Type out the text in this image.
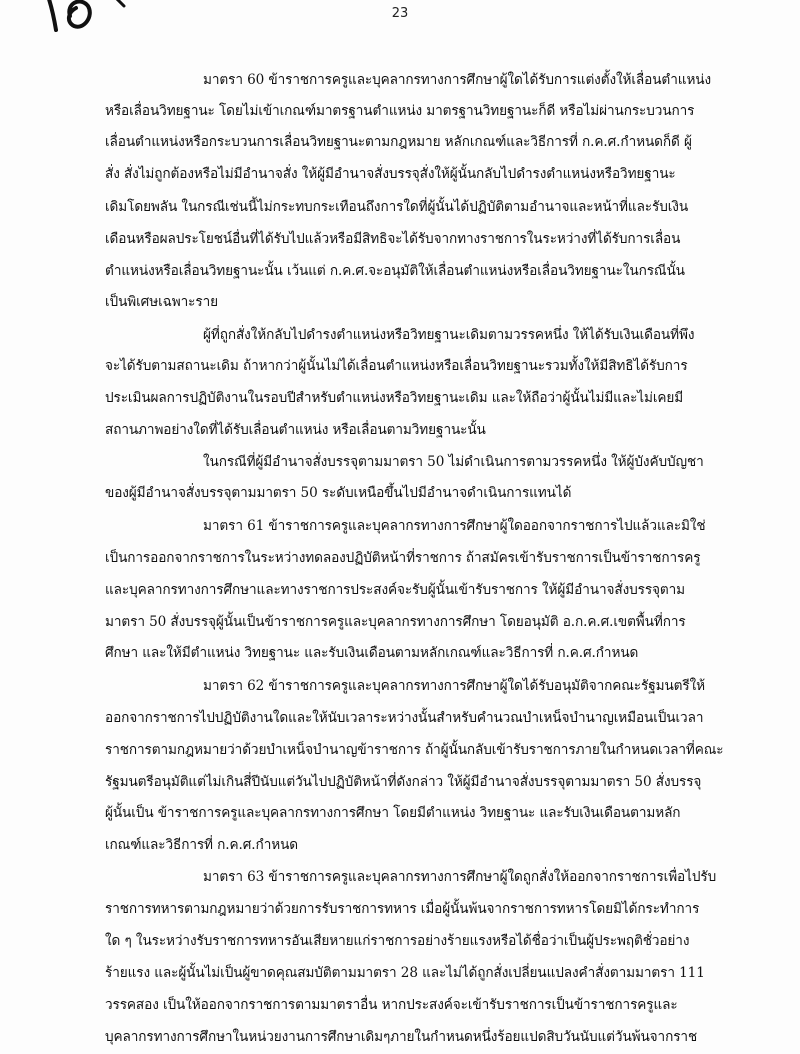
23
มาตรา 60 ข้าราชการครูและบุคลากรทางการศึกษาผู้ใดได้รับการแต่งตั้งให้เลื่อนตำแหน่ง
หรือเลื่อนวิทยฐานะ โดยไม่เข้าเกณฑ์มาตรฐานตำแหน่ง มาตรฐานวิทยฐานะก็ดี หรือไม่ผ่านกระบวนการ
เลื่อนตำแหน่งหรือกระบวนการเลื่อนวิทยฐานะตามกฎหมาย หลักเกณฑ์และวิธีการที่ ก.ค.ศ.กำหนดก็ดี ผู้
สั่ง สั่งไม่ถูกต้องหรือไม่มีอำนาจสั่ง ให้ผู้มีอำนาจสั่งบรรจุสั่งให้ผู้นั้นกลับไปดำรงตำแหน่งหรือวิทยฐานะ
เดิมโดยพลัน ในกรณีเช่นนี้ไม่กระทบกระเทือนถึงการใดที่ผู้นั้นได้ปฏิบัติตามอำนาจและหน้าที่และรับเงิน
เดือนหรือผลประโยชน์อื่นที่ได้รับไปแล้วหรือมีสิทธิจะได้รับจากทางราชการในระหว่างที่ได้รับการเลื่อน
ตำแหน่งหรือเลื่อนวิทยฐานะนั้น เว้นแต่ ก.ค.ศ.จะอนุมัติให้เลื่อนตำแหน่งหรือเลื่อนวิทยฐานะในกรณีนั้น
เป็นพิเศษเฉพาะราย
ผู้ที่ถูกสั่งให้กลับไปดำรงตำแหน่งหรือวิทยฐานะเดิมตามวรรคหนึ่ง ให้ได้รับเงินเดือนที่พึง
จะได้รับตามสถานะเดิม ถ้าหากว่าผู้นั้นไม่ได้เลื่อนตำแหน่งหรือเลื่อนวิทยฐานะรวมทั้งให้มีสิทธิได้รับการ
ประเมินผลการปฏิบัติงานในรอบปีสำหรับตำแหน่งหรือวิทยฐานะเดิม และให้ถือว่าผู้นั้นไม่มีและไม่เคยมี
สถานภาพอย่างใดที่ได้รับเลื่อนตำแหน่ง หรือเลื่อนตามวิทยฐานะนั้น
ในกรณีที่ผู้มีอำนาจสั่งบรรจุตามมาตรา 50 ไม่ดำเนินการตามวรรคหนึ่ง ให้ผู้บังคับบัญชา
ของผู้มีอำนาจสั่งบรรจุตามมาตรา 50 ระดับเหนือขึ้นไปมีอำนาจดำเนินการแทนได้
มาตรา 61 ข้าราชการครูและบุคลากรทางการศึกษาผู้ใดออกจากราชการไปแล้วและมิใช่
เป็นการออกจากราชการในระหว่างทดลองปฏิบัติหน้าที่ราชการ ถ้าสมัครเข้ารับราชการเป็นข้าราชการครู
และบุคลากรทางการศึกษาและทางราชการประสงค์จะรับผู้นั้นเข้ารับราชการ ให้ผู้มีอำนาจสั่งบรรจุตาม
มาตรา 50 สั่งบรรจุผู้นั้นเป็นข้าราชการครูและบุคลากรทางการศึกษา โดยอนุมัติ อ.ก.ค.ศ.เขตพื้นที่การ
ศึกษา และให้มีตำแหน่ง วิทยฐานะ และรับเงินเดือนตามหลักเกณฑ์และวิธีการที่ ก.ค.ศ.กำหนด
มาตรา 62 ข้าราชการครูและบุคลากรทางการศึกษาผู้ใดได้รับอนุมัติจากคณะรัฐมนตรีให้
ออกจากราชการไปปฏิบัติงานใดและให้นับเวลาระหว่างนั้นสำหรับคำนวณบำเหน็จบำนาญเหมือนเป็นเวลา
ราชการตามกฎหมายว่าด้วยบำเหน็จบำนาญข้าราชการ ถ้าผู้นั้นกลับเข้ารับราชการภายในกำหนดเวลาที่คณะ
รัฐมนตรีอนุมัติแต่ไม่เกินสี่ปีนับแต่วันไปปฏิบัติหน้าที่ดังกล่าว ให้ผู้มีอำนาจสั่งบรรจุตามมาตรา 50 สั่งบรรจุ
ผู้นั้นเป็น ข้าราชการครูและบุคลากรทางการศึกษา โดยมีตำแหน่ง วิทยฐานะ และรับเงินเดือนตามหลัก
เกณฑ์และวิธีการที่ ก.ค.ศ.กำหนด
มาตรา 63 ข้าราชการครูและบุคลากรทางการศึกษาผู้ใดถูกสั่งให้ออกจากราชการเพื่อไปรับ
ราชการทหารตามกฎหมายว่าด้วยการรับราชการทหาร เมื่อผู้นั้นพ้นจากราชการทหารโดยมิได้กระทำการ
ใด ๆ ในระหว่างรับราชการทหารอันเสียหายแก่ราชการอย่างร้ายแรงหรือได้ชื่อว่าเป็นผู้ประพฤติชั่วอย่าง
ร้ายแรง และผู้นั้นไม่เป็นผู้ขาดคุณสมบัติตามมาตรา 28 และไม่ได้ถูกสั่งเปลี่ยนแปลงคำสั่งตามมาตรา 111
วรรคสอง เป็นให้ออกจากราชการตามมาตราอื่น หากประสงค์จะเข้ารับราชการเป็นข้าราชการครูและ
บุคลากรทางการศึกษาในหน่วยงานการศึกษาเดิมๆภายในกำหนดหนึ่งร้อยแปดสิบวันนับแต่วันพ้นจากราช
